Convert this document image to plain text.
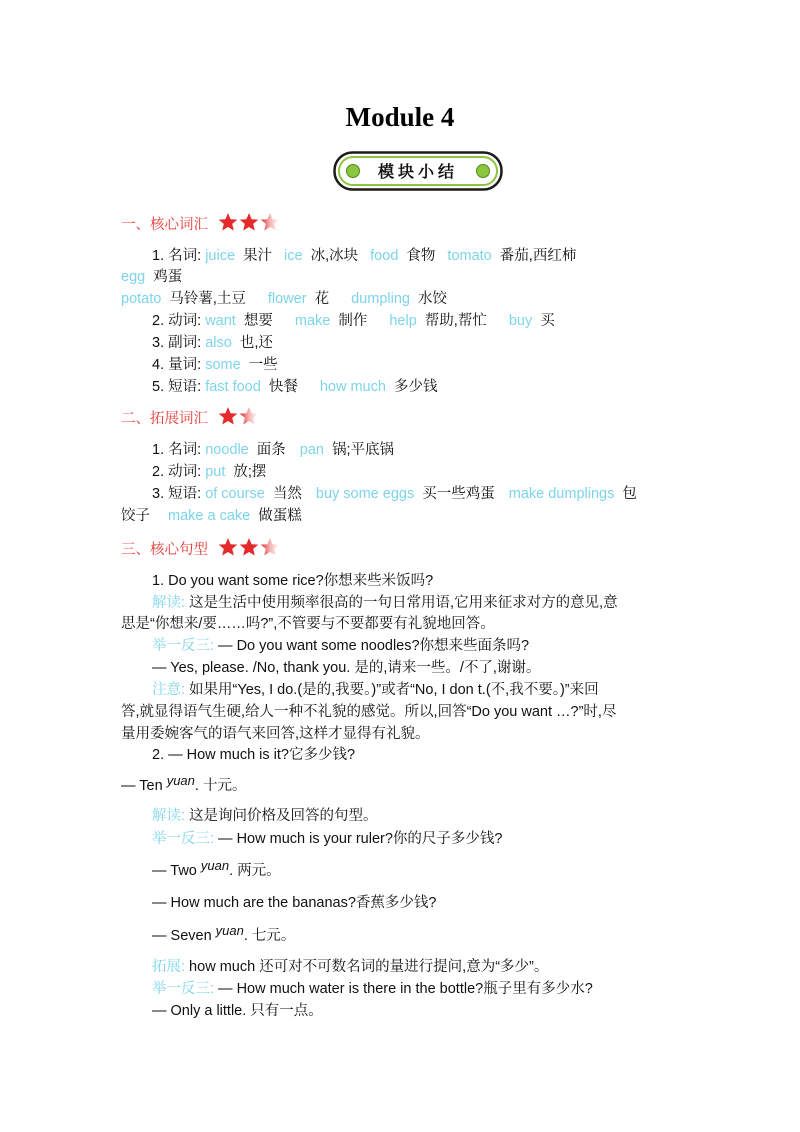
Module 4
模块小结
一、核心词汇
二、拓展词汇
三、核心句型
1. 名词: juice 果汁 ice 冰,冰块 food 食物 tomato 番茄,西红柿
egg 鸡蛋
potato 马铃薯,土豆 flower 花 dumpling 水饺
2. 动词: want 想要 make 制作 help 帮助,帮忙 buy 买
3. 副词: also 也,还
4. 量词: some 一些
5. 短语: fast food 快餐 how much 多少钱
1. 名词: noodle 面条 pan 锅;平底锅
2. 动词: put 放;摆
3. 短语: of course 当然 buy some eggs 买一些鸡蛋 make dumplings 包
饺子 make a cake 做蛋糕
1. Do you want some rice?你想来些米饭吗?
解读: 这是生活中使用频率很高的一句日常用语,它用来征求对方的意见,意
思是“你想来/要……吗?”,不管要与不要都要有礼貌地回答。
举一反三: — Do you want some noodles?你想来些面条吗?
— Yes, please. /No, thank you. 是的,请来一些。/不了,谢谢。
注意: 如果用“Yes, I do.(是的,我要。)”或者“No, I don t.(不,我不要。)”来回
答,就显得语气生硬,给人一种不礼貌的感觉。所以,回答“Do you want …?”时,尽
量用委婉客气的语气来回答,这样才显得有礼貌。
2. — How much is it?它多少钱?
— Ten yuan. 十元。
解读: 这是询问价格及回答的句型。
举一反三: — How much is your ruler?你的尺子多少钱?
— Two yuan. 两元。
— How much are the bananas?香蕉多少钱?
— Seven yuan. 七元。
拓展: how much 还可对不可数名词的量进行提问,意为“多少”。
举一反三: — How much water is there in the bottle?瓶子里有多少水?
— Only a little. 只有一点。
